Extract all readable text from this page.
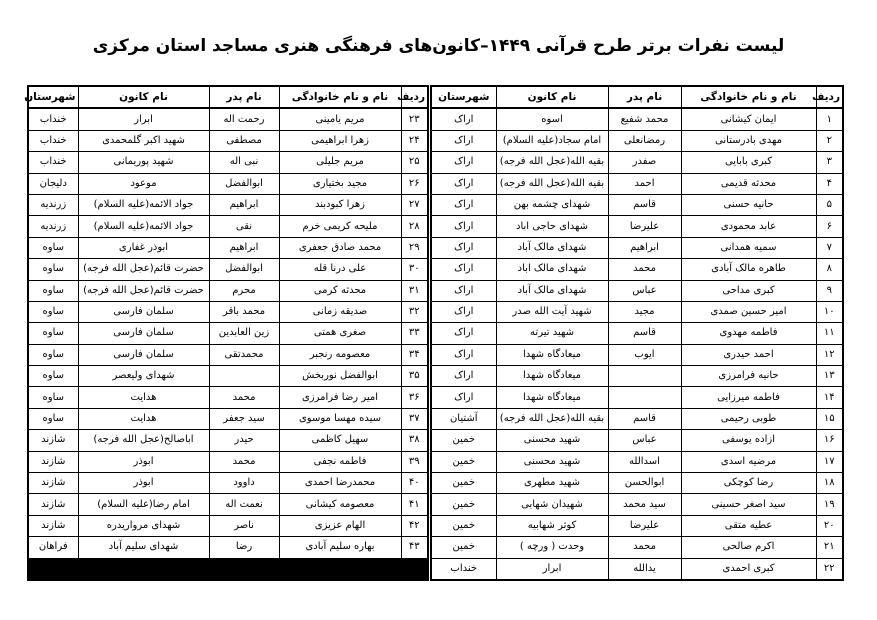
لیست نفرات برتر طرح قرآنی ۱۴۴۹–کانون‌های فرهنگی هنری مساجد استان مرکزی
ردیف	نام و نام خانوادگی	نام پدر	نام کانون	شهرستان
۱	ایمان کیشانی	محمد شفیع	اسوه	اراک
۲	مهدی بادرستانی	رمضانعلی	امام سجاد(علیه السلام)	اراک
۳	کبری بابایی	صفدر	بقیه الله(عجل الله فرجه)	اراک
۴	محدثه قدیمی	احمد	بقیه الله(عجل الله فرجه)	اراک
۵	حانیه حسنی	قاسم	شهدای چشمه بهن	اراک
۶	عابد محمودی	علیرضا	شهدای حاجی اباد	اراک
۷	سمیه همدانی	ابراهیم	شهدای مالک آباد	اراک
۸	طاهره مالک آبادی	محمد	شهدای مالک اباد	اراک
۹	کبری مداحی	عباس	شهدای مالک آباد	اراک
۱۰	امیر حسین صمدی	مجید	شهید آیت الله صدر	اراک
۱۱	فاطمه مهدوی	قاسم	شهید تیرته	اراک
۱۲	احمد حیدری	ایوب	میعادگاه شهدا	اراک
۱۳	حانیه فرامرزی		میعادگاه شهدا	اراک
۱۴	فاطمه میرزایی		میعادگاه شهدا	اراک
۱۵	طوبی رحیمی	قاسم	بقیه الله(عجل الله فرجه)	آشتیان
۱۶	ازاده یوسفی	عباس	شهید محسنی	خمین
۱۷	مرضیه اسدی	اسدالله	شهید محسنی	خمین
۱۸	رضا کوچکی	ابوالحسن	شهید مطهری	خمین
۱۹	سید اصغر حسینی	سید محمد	شهیدان شهابی	خمین
۲۰	عطیه متقی	علیرضا	کوثر شهابیه	خمین
۲۱	اکرم صالحی	محمد	وحدت ( ورچه )	خمین
۲۲	کبری احمدی	یدالله	ابرار	خنداب
ردیف	نام و نام خانوادگی	نام پدر	نام کانون	شهرستان
۲۳	مریم یامینی	رحمت اله	ابرار	خنداب
۲۴	زهرا ابراهیمی	مصطفی	شهید اکبر گلمحمدی	خنداب
۲۵	مریم جلیلی	نبی اله	شهید پوریمانی	خنداب
۲۶	مجید بختیاری	ابوالفضل	موعود	دلیجان
۲۷	زهرا کبودبند	ابراهیم	جواد الائمه(علیه السلام)	زرندیه
۲۸	ملیحه کریمی خرم	نقی	جواد الائمه(علیه السلام)	زرندیه
۲۹	محمد صادق جعفری	ابراهیم	ابوذر غفاری	ساوه
۳۰	علی درنا قله	ابوالفضل	حضرت قائم(عجل الله فرجه)	ساوه
۳۱	محدثه کرمی	محرم	حضرت قائم(عجل الله فرجه)	ساوه
۳۲	صدیقه زمانی	محمد باقر	سلمان فارسی	ساوه
۳۳	صغری همتی	زین العابدین	سلمان فارسی	ساوه
۳۴	معصومه رنجبر	محمدتقی	سلمان فارسی	ساوه
۳۵	ابوالفضل نوربخش		شهدای ولیعصر	ساوه
۳۶	امیر رضا فرامرزی	محمد	هدایت	ساوه
۳۷	سیده مهسا موسوی	سید جعفر	هدایت	ساوه
۳۸	سهیل کاظمی	حیدر	اباصالح(عجل الله فرجه)	شازند
۳۹	فاطمه نجفی	محمد	ابوذر	شازند
۴۰	محمدرضا احمدی	داوود	ابوذر	شازند
۴۱	معصومه کیشانی	نعمت اله	امام رضا(علیه السلام)	شازند
۴۲	الهام عزیزی	ناصر	شهدای مرواریدره	شازند
۴۳	بهاره سلیم آبادی	رضا	شهدای سلیم آباد	فراهان
